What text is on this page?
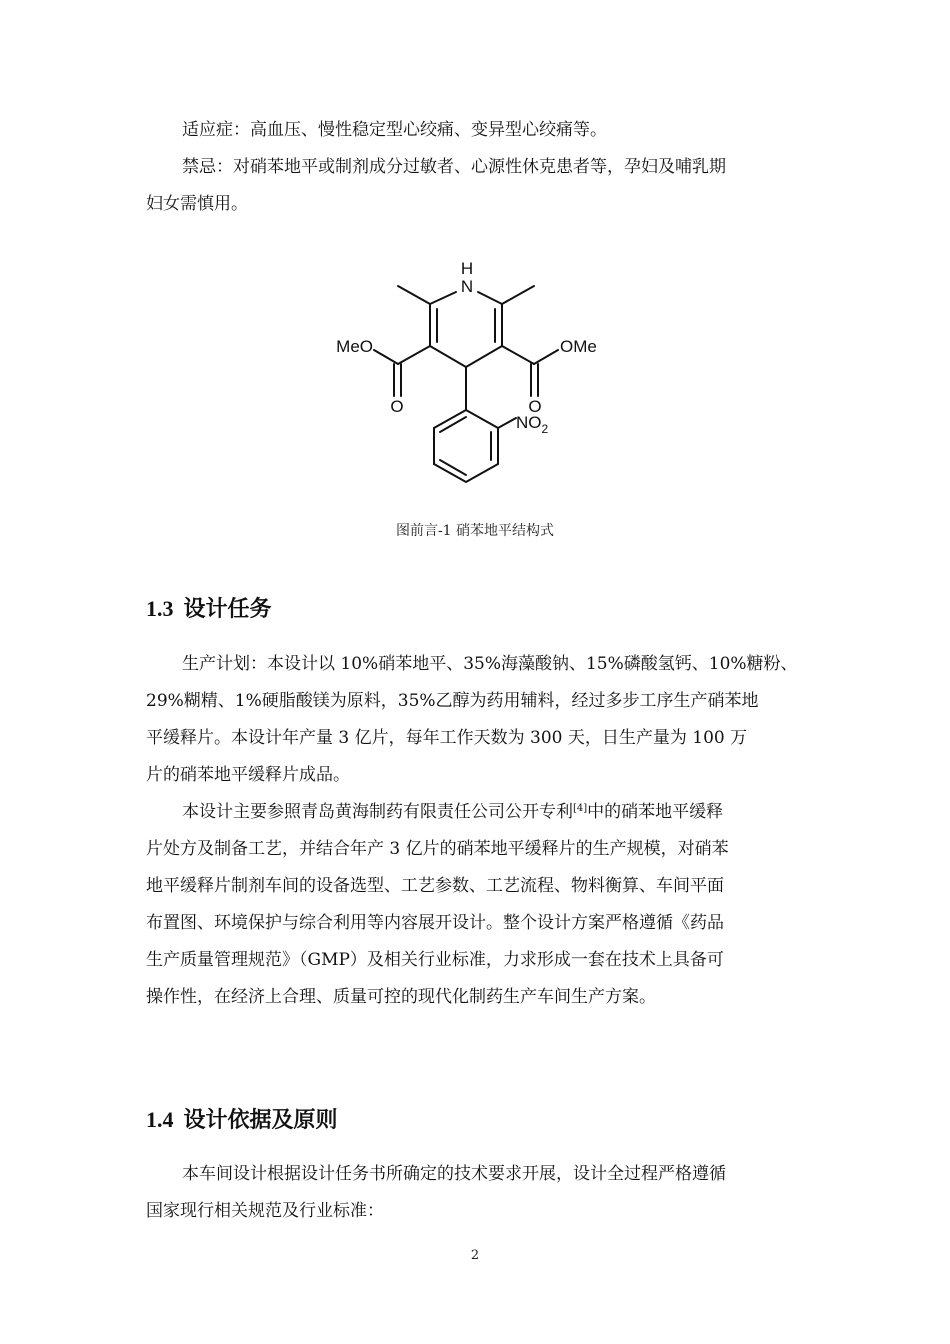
适应症：高血压、慢性稳定型心绞痛、变异型心绞痛等。
禁忌：对硝苯地平或制剂成分过敏者、心源性休克患者等，孕妇及哺乳期
妇女需慎用。
H
N
MeO	OMe
O	O
$NO_2$
图前言-1 硝苯地平结构式
1.3 设计任务
生产计划：本设计以 10%硝苯地平、35%海藻酸钠、15%磷酸氢钙、10%糖粉、
29%糊精、1%硬脂酸镁为原料，35%乙醇为药用辅料，经过多步工序生产硝苯地
平缓释片。本设计年产量 3 亿片，每年工作天数为 300 天，日生产量为 100 万
片的硝苯地平缓释片成品。
本设计主要参照青岛黄海制药有限责任公司公开专利[4]中的硝苯地平缓释
片处方及制备工艺，并结合年产 3 亿片的硝苯地平缓释片的生产规模，对硝苯
地平缓释片制剂车间的设备选型、工艺参数、工艺流程、物料衡算、车间平面
布置图、环境保护与综合利用等内容展开设计。整个设计方案严格遵循《药品
生产质量管理规范》（GMP）及相关行业标准，力求形成一套在技术上具备可
操作性，在经济上合理、质量可控的现代化制药生产车间生产方案。
1.4 设计依据及原则
本车间设计根据设计任务书所确定的技术要求开展，设计全过程严格遵循
国家现行相关规范及行业标准：
2
